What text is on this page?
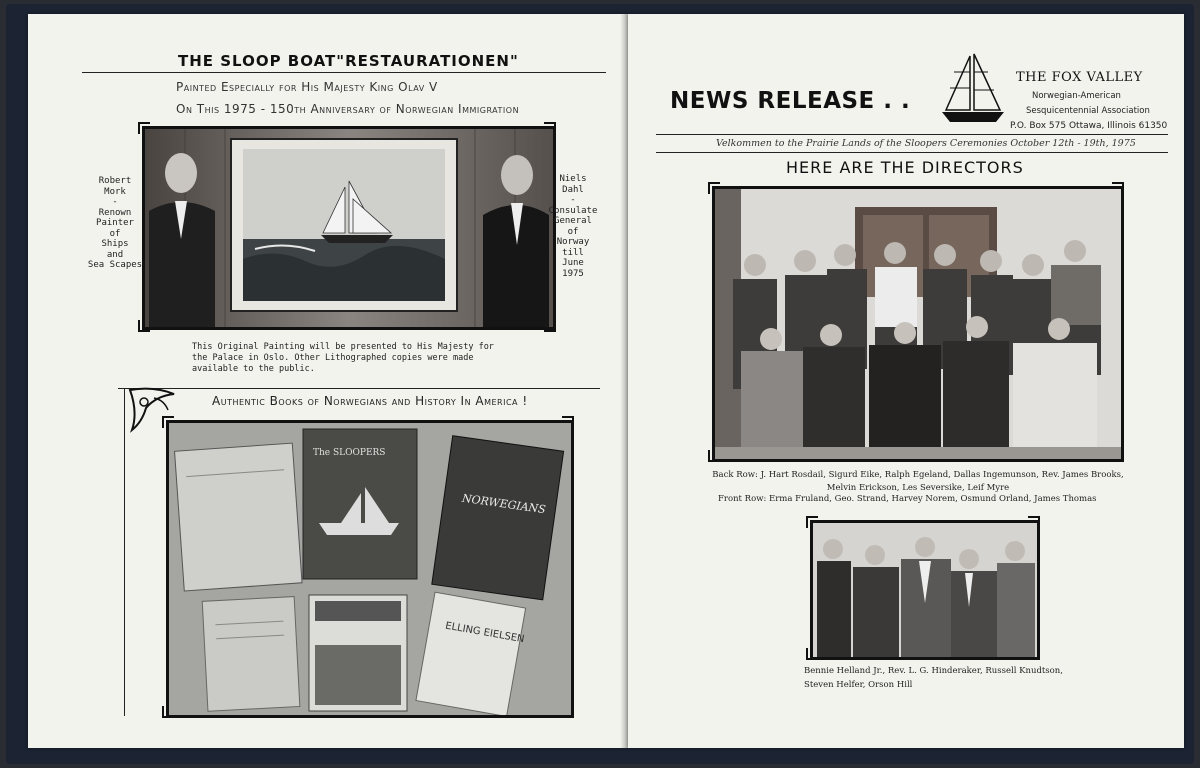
THE SLOOP BOAT"RESTAURATIONEN"
Painted Especially for His Majesty King Olav V
On This 1975 - 150th Anniversary of Norwegian Immigration
Robert
Mork
-
Renown
Painter
of
Ships
and
Sea Scapes
Niels
Dahl
-
Consulate
General
of
Norway
till
June
1975
This Original Painting will be presented to His Majesty for the Palace in Oslo. Other Lithographed copies were made available to the public.
Authentic Books of Norwegians and History In America !
The SLOOPERS
NORWEGIANS
ELLING EIELSEN
NEWS RELEASE . .
THE FOX VALLEY
Norwegian-American
Sesquicentennial Association
P.O. Box 575 Ottawa, Illinois 61350
Velkommen to the Prairie Lands of the Sloopers Ceremonies October 12th - 19th, 1975
HERE ARE THE DIRECTORS
Back Row: J. Hart Rosdail, Sigurd Eike, Ralph Egeland, Dallas Ingemunson, Rev. James Brooks,
Melvin Erickson, Les Seversike, Leif Myre
Front Row: Erma Fruland, Geo. Strand, Harvey Norem, Osmund Orland, James Thomas
Bennie Helland Jr., Rev. L. G. Hinderaker, Russell Knudtson,
Steven Helfer, Orson Hill
